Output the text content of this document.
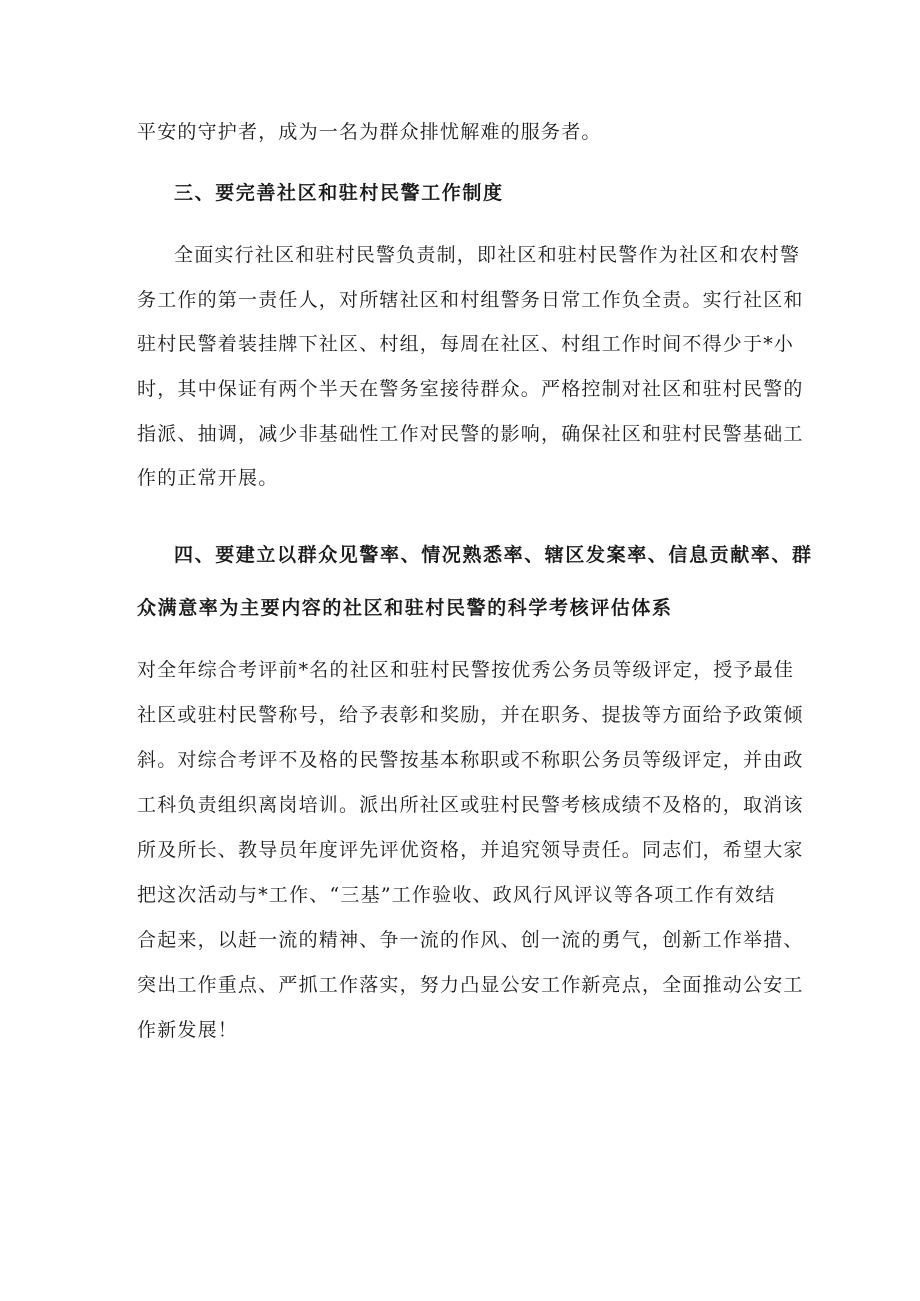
平安的守护者，成为一名为群众排忧解难的服务者。
三、要完善社区和驻村民警工作制度
全面实行社区和驻村民警负责制，即社区和驻村民警作为社区和农村警
务工作的第一责任人，对所辖社区和村组警务日常工作负全责。实行社区和
驻村民警着装挂牌下社区、村组，每周在社区、村组工作时间不得少于*小
时，其中保证有两个半天在警务室接待群众。严格控制对社区和驻村民警的
指派、抽调，减少非基础性工作对民警的影响，确保社区和驻村民警基础工
作的正常开展。
四、要建立以群众见警率、情况熟悉率、辖区发案率、信息贡献率、群
众满意率为主要内容的社区和驻村民警的科学考核评估体系
对全年综合考评前*名的社区和驻村民警按优秀公务员等级评定，授予最佳
社区或驻村民警称号，给予表彰和奖励，并在职务、提拔等方面给予政策倾
斜。对综合考评不及格的民警按基本称职或不称职公务员等级评定，并由政
工科负责组织离岗培训。派出所社区或驻村民警考核成绩不及格的，取消该
所及所长、教导员年度评先评优资格，并追究领导责任。同志们，希望大家
把这次活动与*工作、“三基”工作验收、政风行风评议等各项工作有效结
合起来，以赶一流的精神、争一流的作风、创一流的勇气，创新工作举措、
突出工作重点、严抓工作落实，努力凸显公安工作新亮点，全面推动公安工
作新发展！
